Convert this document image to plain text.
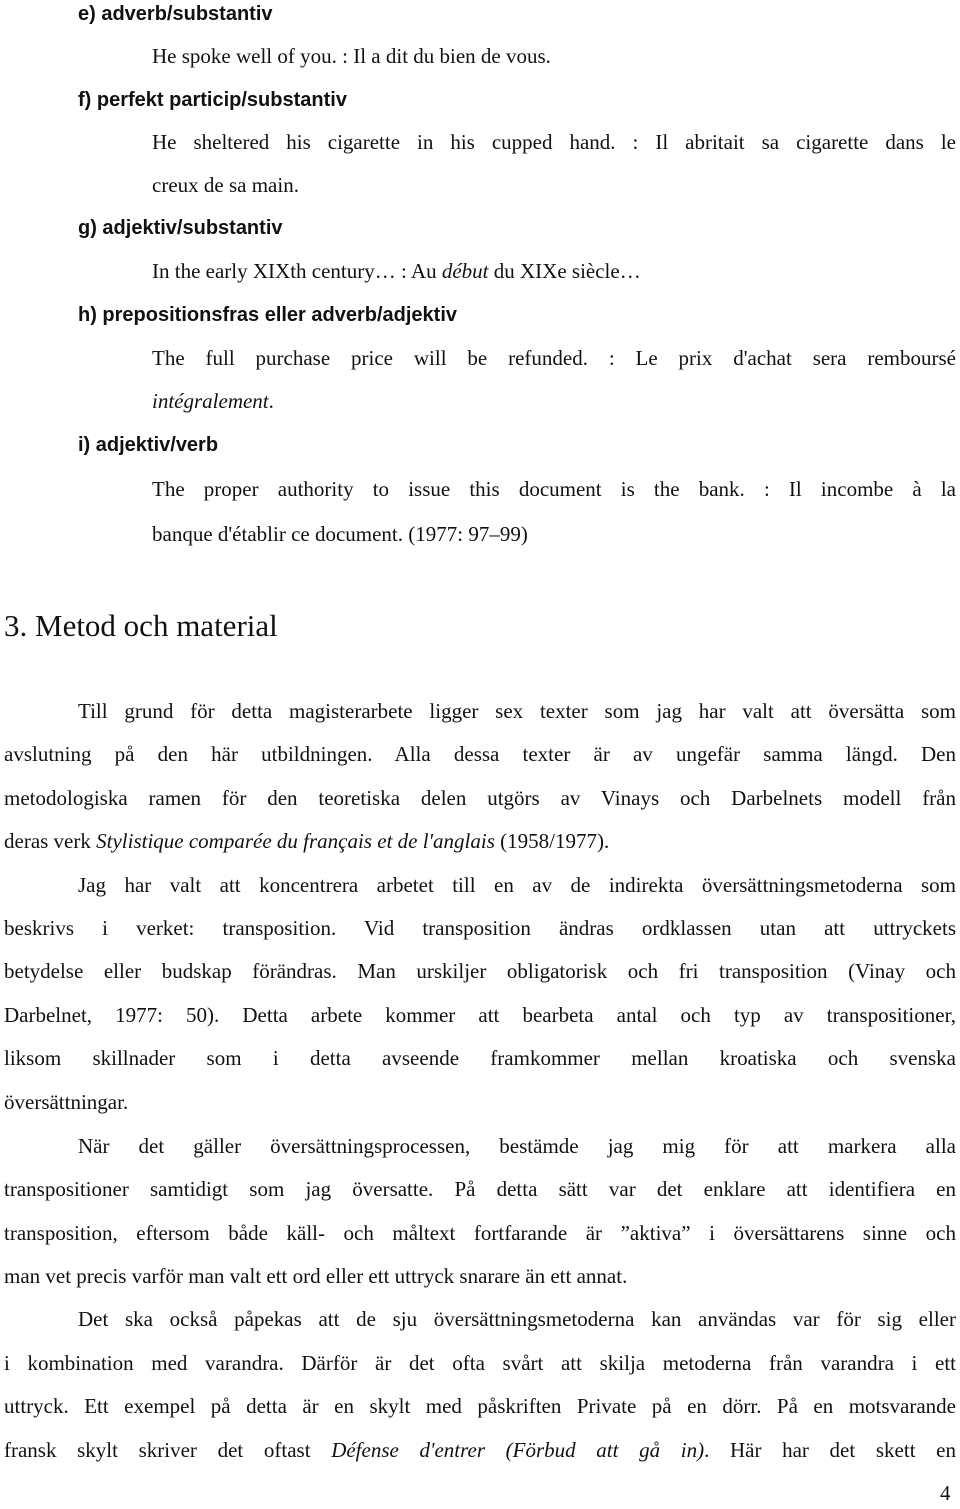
e) adverb/substantiv
He spoke well of you. : Il a dit du bien de vous.
f) perfekt particip/substantiv
He sheltered his cigarette in his cupped hand. : Il abritait sa cigarette dans le
creux de sa main.
g) adjektiv/substantiv
In the early XIXth century… : Au début du XIXe siècle…
h) prepositionsfras eller adverb/adjektiv
The full purchase price will be refunded. : Le prix d'achat sera remboursé
intégralement.
i) adjektiv/verb
The proper authority to issue this document is the bank. : Il incombe à la
banque d'établir ce document. (1977: 97–99)
3. Metod och material
Till grund för detta magisterarbete ligger sex texter som jag har valt att översätta som
avslutning på den här utbildningen. Alla dessa texter är av ungefär samma längd. Den
metodologiska ramen för den teoretiska delen utgörs av Vinays och Darbelnets modell från
deras verk Stylistique comparée du français et de l'anglais (1958/1977).
Jag har valt att koncentrera arbetet till en av de indirekta översättningsmetoderna som
beskrivs i verket: transposition. Vid transposition ändras ordklassen utan att uttryckets
betydelse eller budskap förändras. Man urskiljer obligatorisk och fri transposition (Vinay och
Darbelnet, 1977: 50). Detta arbete kommer att bearbeta antal och typ av transpositioner,
liksom skillnader som i detta avseende framkommer mellan kroatiska och svenska
översättningar.
När det gäller översättningsprocessen, bestämde jag mig för att markera alla
transpositioner samtidigt som jag översatte. På detta sätt var det enklare att identifiera en
transposition, eftersom både käll- och måltext fortfarande är ”aktiva” i översättarens sinne och
man vet precis varför man valt ett ord eller ett uttryck snarare än ett annat.
Det ska också påpekas att de sju översättningsmetoderna kan användas var för sig eller
i kombination med varandra. Därför är det ofta svårt att skilja metoderna från varandra i ett
uttryck. Ett exempel på detta är en skylt med påskriften Private på en dörr. På en motsvarande
fransk skylt skriver det oftast Défense d'entrer (Förbud att gå in). Här har det skett en
4
